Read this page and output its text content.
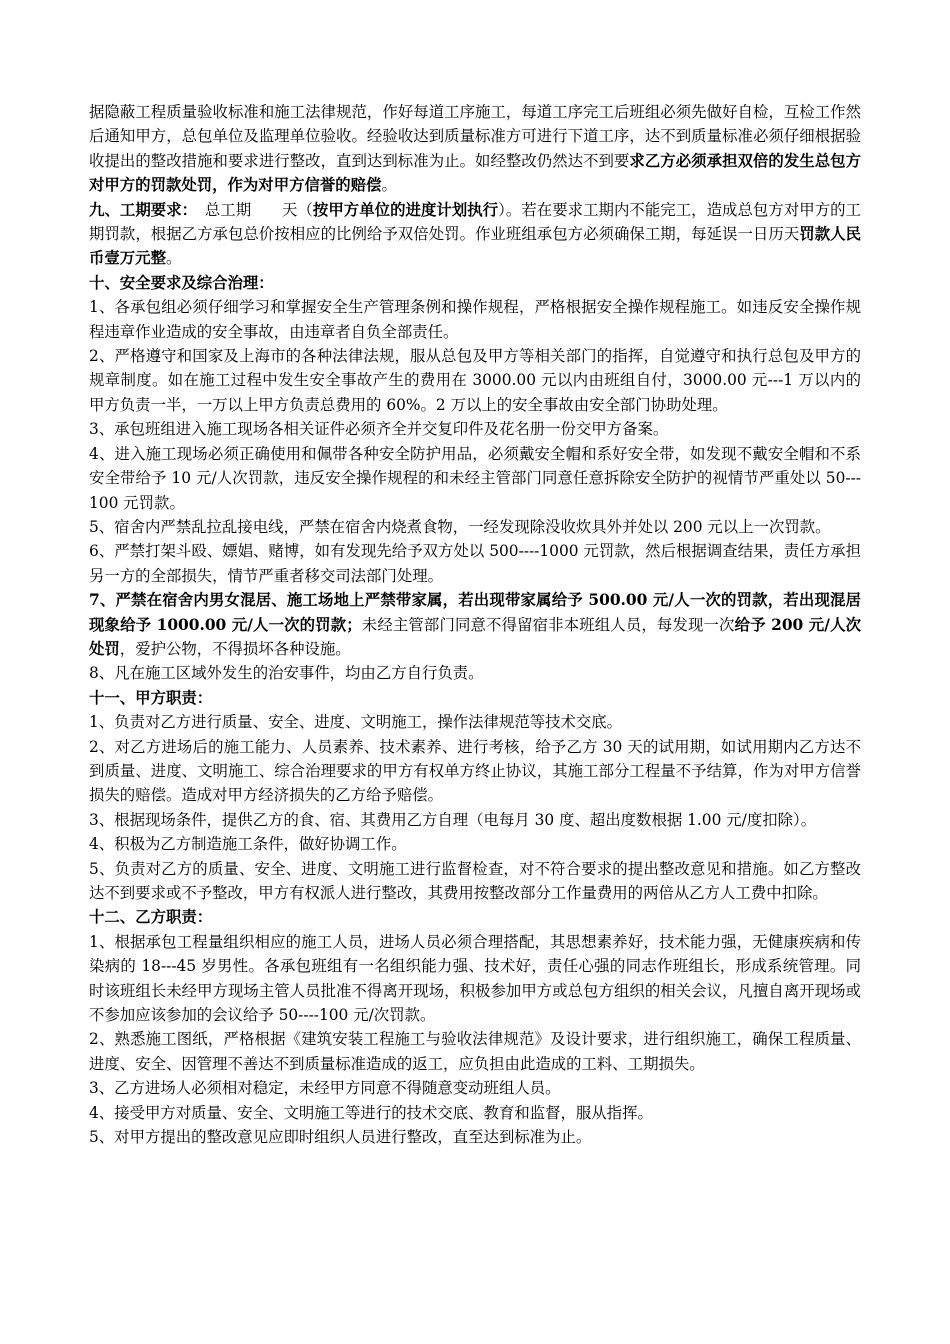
据隐蔽工程质量验收标准和施工法律规范，作好每道工序施工，每道工序完工后班组必须先做好自检，互检工作然后通知甲方，总包单位及监理单位验收。经验收达到质量标准方可进行下道工序，达不到质量标准必须仔细根据验收提出的整改措施和要求进行整改，直到达到标准为止。如经整改仍然达不到要求乙方必须承担双倍的发生总包方对甲方的罚款处罚，作为对甲方信誉的赔偿。

九、工期要求：　总工期　　天（按甲方单位的进度计划执行）。若在要求工期内不能完工，造成总包方对甲方的工期罚款，根据乙方承包总价按相应的比例给予双倍处罚。作业班组承包方必须确保工期，每延误一日历天罚款人民币壹万元整。

十、安全要求及综合治理：

1、各承包组必须仔细学习和掌握安全生产管理条例和操作规程，严格根据安全操作规程施工。如违反安全操作规程违章作业造成的安全事故，由违章者自负全部责任。

2、严格遵守和国家及上海市的各种法律法规，服从总包及甲方等相关部门的指挥，自觉遵守和执行总包及甲方的规章制度。如在施工过程中发生安全事故产生的费用在 3000.00 元以内由班组自付，3000.00 元---1 万以内的甲方负责一半，一万以上甲方负责总费用的 60%。2 万以上的安全事故由安全部门协助处理。

3、承包班组进入施工现场各相关证件必须齐全并交复印件及花名册一份交甲方备案。

4、进入施工现场必须正确使用和佩带各种安全防护用品，必须戴安全帽和系好安全带，如发现不戴安全帽和不系安全带给予 10 元/人次罚款，违反安全操作规程的和未经主管部门同意任意拆除安全防护的视情节严重处以 50---100 元罚款。

5、宿舍内严禁乱拉乱接电线，严禁在宿舍内烧煮食物，一经发现除没收炊具外并处以 200 元以上一次罚款。

6、严禁打架斗殴、嫖娼、赌博，如有发现先给予双方处以 500----1000 元罚款，然后根据调查结果，责任方承担另一方的全部损失，情节严重者移交司法部门处理。

7、严禁在宿舍内男女混居、施工场地上严禁带家属，若出现带家属给予 500.00 元/人一次的罚款，若出现混居现象给予 1000.00 元/人一次的罚款；未经主管部门同意不得留宿非本班组人员，每发现一次给予 200 元/人次处罚，爱护公物，不得损坏各种设施。

8、凡在施工区域外发生的治安事件，均由乙方自行负责。

十一、甲方职责：

1、负责对乙方进行质量、安全、进度、文明施工，操作法律规范等技术交底。

2、对乙方进场后的施工能力、人员素养、技术素养、进行考核，给予乙方 30 天的试用期，如试用期内乙方达不到质量、进度、文明施工、综合治理要求的甲方有权单方终止协议，其施工部分工程量不予结算，作为对甲方信誉损失的赔偿。造成对甲方经济损失的乙方给予赔偿。

3、根据现场条件，提供乙方的食、宿、其费用乙方自理（电每月 30 度、超出度数根据 1.00 元/度扣除）。

4、积极为乙方制造施工条件，做好协调工作。

5、负责对乙方的质量、安全、进度、文明施工进行监督检查，对不符合要求的提出整改意见和措施。如乙方整改达不到要求或不予整改，甲方有权派人进行整改，其费用按整改部分工作量费用的两倍从乙方人工费中扣除。

十二、乙方职责：

1、根据承包工程量组织相应的施工人员，进场人员必须合理搭配，其思想素养好，技术能力强，无健康疾病和传染病的 18---45 岁男性。各承包班组有一名组织能力强、技术好，责任心强的同志作班组长，形成系统管理。同时该班组长未经甲方现场主管人员批准不得离开现场，积极参加甲方或总包方组织的相关会议，凡擅自离开现场或不参加应该参加的会议给予 50----100 元/次罚款。

2、熟悉施工图纸，严格根据《建筑安装工程施工与验收法律规范》及设计要求，进行组织施工，确保工程质量、进度、安全、因管理不善达不到质量标准造成的返工，应负担由此造成的工料、工期损失。

3、乙方进场人必须相对稳定，未经甲方同意不得随意变动班组人员。

4、接受甲方对质量、安全、文明施工等进行的技术交底、教育和监督，服从指挥。

5、对甲方提出的整改意见应即时组织人员进行整改，直至达到标准为止。
